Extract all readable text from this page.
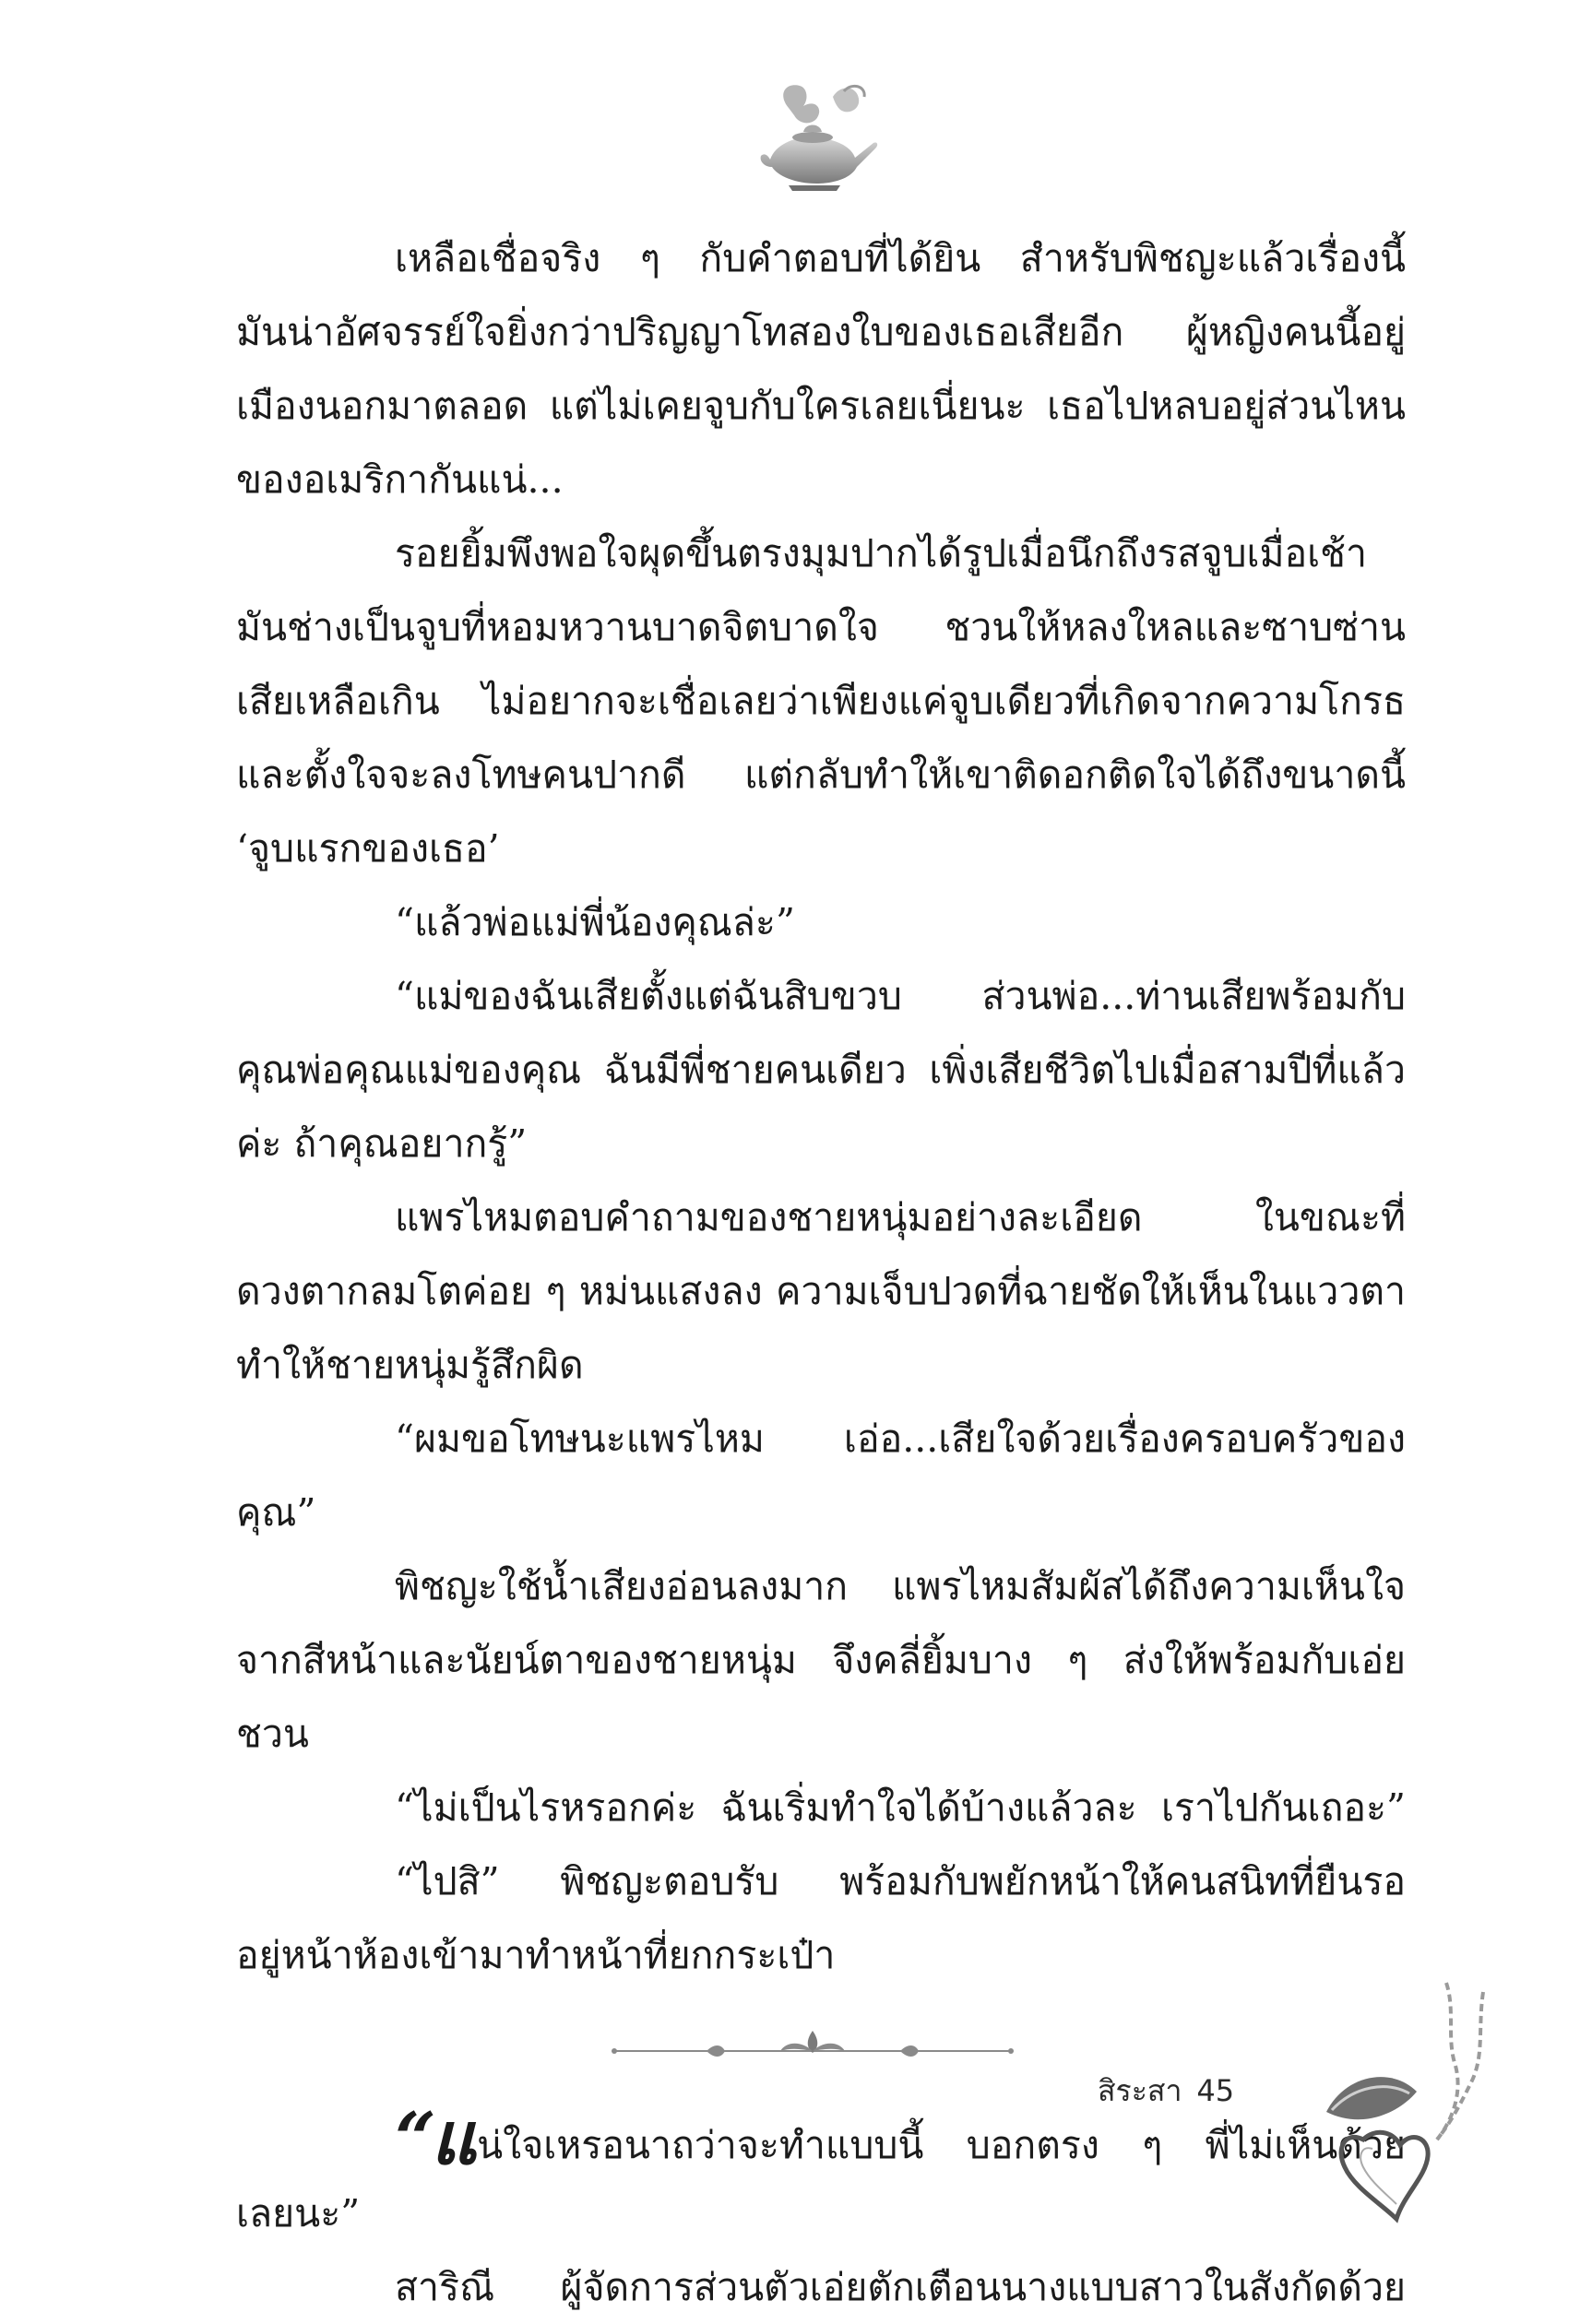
เหลือเชื่อจริง ๆ กับคำตอบที่ได้ยิน สำหรับพิชญะแล้วเรื่องนี้
มันน่าอัศจรรย์ใจยิ่งกว่าปริญญาโทสองใบของเธอเสียอีก ผู้หญิงคนนี้อยู่
เมืองนอกมาตลอด แต่ไม่เคยจูบกับใครเลยเนี่ยนะ เธอไปหลบอยู่ส่วนไหน
ของอเมริกากันแน่...
รอยยิ้มพึงพอใจผุดขึ้นตรงมุมปากได้รูปเมื่อนึกถึงรสจูบเมื่อเช้า
มันช่างเป็นจูบที่หอมหวานบาดจิตบาดใจ ชวนให้หลงใหลและซาบซ่าน
เสียเหลือเกิน ไม่อยากจะเชื่อเลยว่าเพียงแค่จูบเดียวที่เกิดจากความโกรธ
และตั้งใจจะลงโทษคนปากดี แต่กลับทำให้เขาติดอกติดใจได้ถึงขนาดนี้
‘จูบแรกของเธอ’
“แล้วพ่อแม่พี่น้องคุณล่ะ”
“แม่ของฉันเสียตั้งแต่ฉันสิบขวบ ส่วนพ่อ...ท่านเสียพร้อมกับ
คุณพ่อคุณแม่ของคุณ ฉันมีพี่ชายคนเดียว เพิ่งเสียชีวิตไปเมื่อสามปีที่แล้ว
ค่ะ ถ้าคุณอยากรู้”
แพรไหมตอบคำถามของชายหนุ่มอย่างละเอียด ในขณะที่
ดวงตากลมโตค่อย ๆ หม่นแสงลง ความเจ็บปวดที่ฉายชัดให้เห็นในแววตา
ทำให้ชายหนุ่มรู้สึกผิด
“ผมขอโทษนะแพรไหม เอ่อ...เสียใจด้วยเรื่องครอบครัวของ
คุณ”
พิชญะใช้น้ำเสียงอ่อนลงมาก แพรไหมสัมผัสได้ถึงความเห็นใจ
จากสีหน้าและนัยน์ตาของชายหนุ่ม จึงคลี่ยิ้มบาง ๆ ส่งให้พร้อมกับเอ่ย
ชวน
“ไม่เป็นไรหรอกค่ะ ฉันเริ่มทำใจได้บ้างแล้วละ เราไปกันเถอะ”
“ไปสิ” พิชญะตอบรับ พร้อมกับพยักหน้าให้คนสนิทที่ยืนรอ
อยู่หน้าห้องเข้ามาทำหน้าที่ยกกระเป๋า
“แน่ใจเหรอนาถว่าจะทำแบบนี้ บอกตรง ๆ พี่ไม่เห็นด้วย
เลยนะ”
สาริณี ผู้จัดการส่วนตัวเอ่ยตักเตือนนางแบบสาวในสังกัดด้วย
สิระสา 45
